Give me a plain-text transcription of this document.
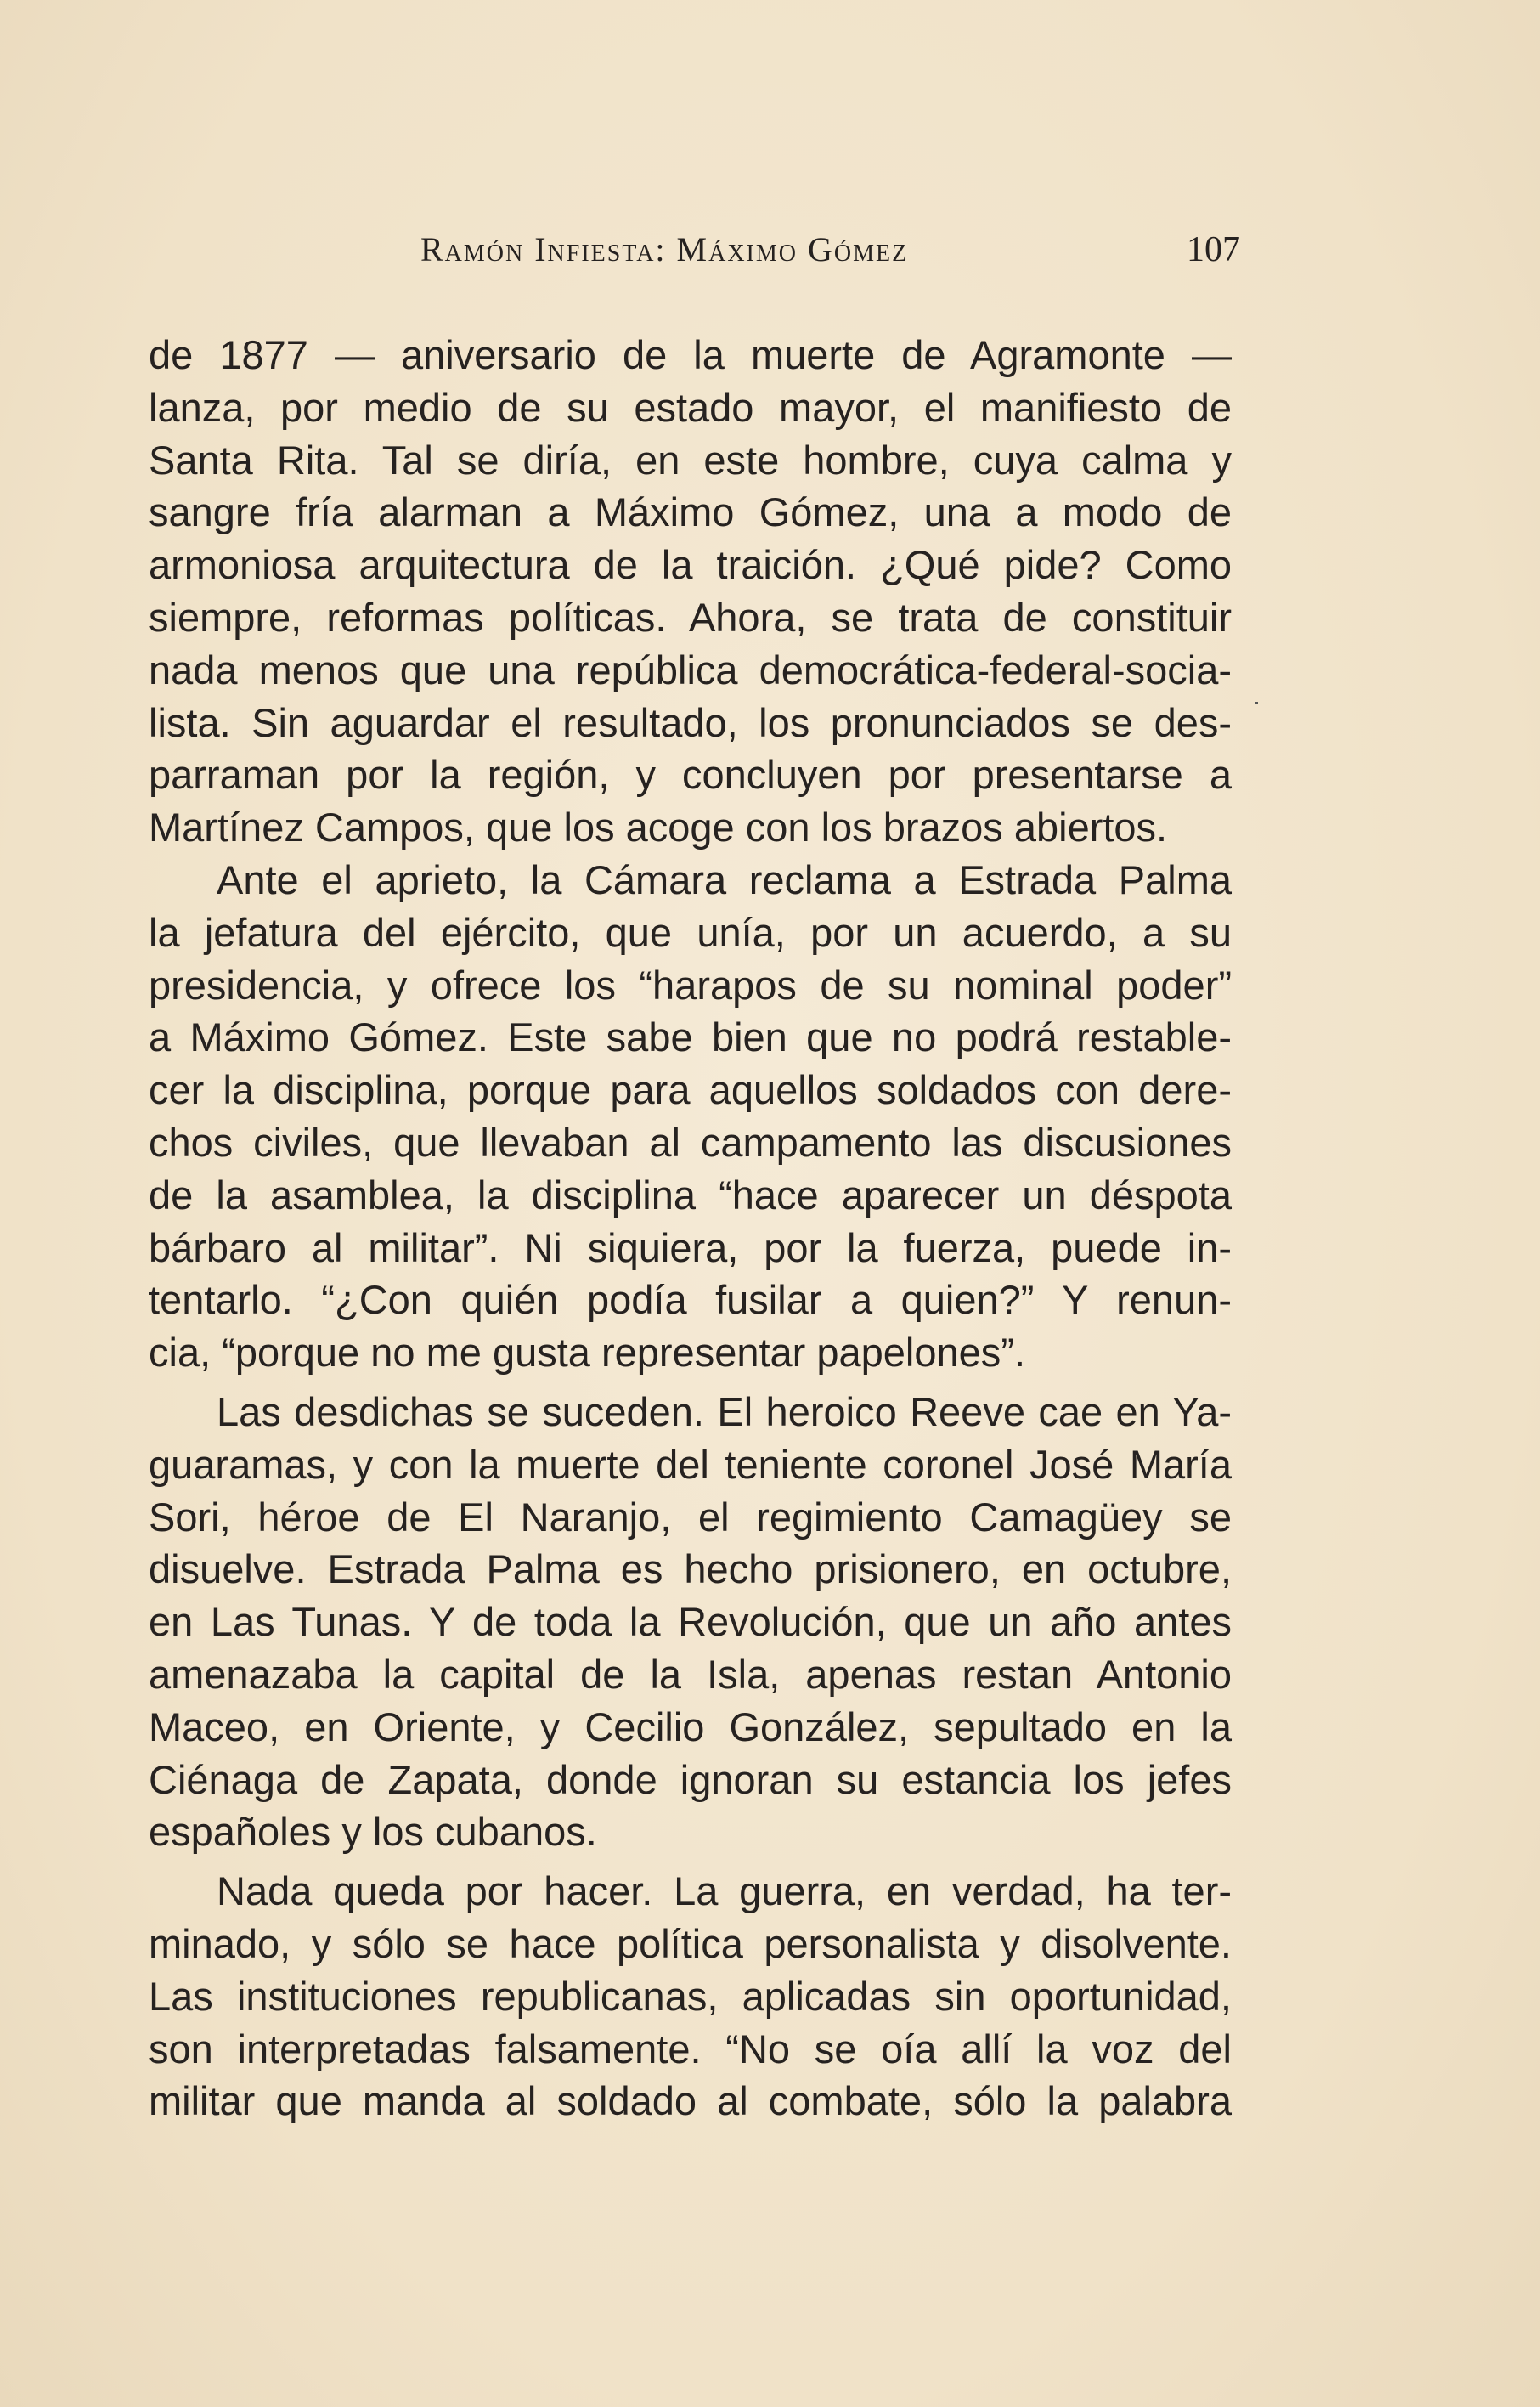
Ramón Infiesta: Máximo Gómez	107
de 1877 — aniversario de la muerte de Agramonte —
lanza, por medio de su estado mayor, el manifiesto de
Santa Rita. Tal se diría, en este hombre, cuya calma y
sangre fría alarman a Máximo Gómez, una a modo de
armoniosa arquitectura de la traición. ¿Qué pide? Como
siempre, reformas políticas. Ahora, se trata de constituir
nada menos que una república democrática-federal-socia-
lista. Sin aguardar el resultado, los pronunciados se des-
parraman por la región, y concluyen por presentarse a
Martínez Campos, que los acoge con los brazos abiertos.
Ante el aprieto, la Cámara reclama a Estrada Palma
la jefatura del ejército, que unía, por un acuerdo, a su
presidencia, y ofrece los “harapos de su nominal poder”
a Máximo Gómez. Este sabe bien que no podrá restable-
cer la disciplina, porque para aquellos soldados con dere-
chos civiles, que llevaban al campamento las discusiones
de la asamblea, la disciplina “hace aparecer un déspota
bárbaro al militar”. Ni siquiera, por la fuerza, puede in-
tentarlo. “¿Con quién podía fusilar a quien?” Y renun-
cia, “porque no me gusta representar papelones”.
Las desdichas se suceden. El heroico Reeve cae en Ya-
guaramas, y con la muerte del teniente coronel José María
Sori, héroe de El Naranjo, el regimiento Camagüey se
disuelve. Estrada Palma es hecho prisionero, en octubre,
en Las Tunas. Y de toda la Revolución, que un año antes
amenazaba la capital de la Isla, apenas restan Antonio
Maceo, en Oriente, y Cecilio González, sepultado en la
Ciénaga de Zapata, donde ignoran su estancia los jefes
españoles y los cubanos.
Nada queda por hacer. La guerra, en verdad, ha ter-
minado, y sólo se hace política personalista y disolvente.
Las instituciones republicanas, aplicadas sin oportunidad,
son interpretadas falsamente. “No se oía allí la voz del
militar que manda al soldado al combate, sólo la palabra
